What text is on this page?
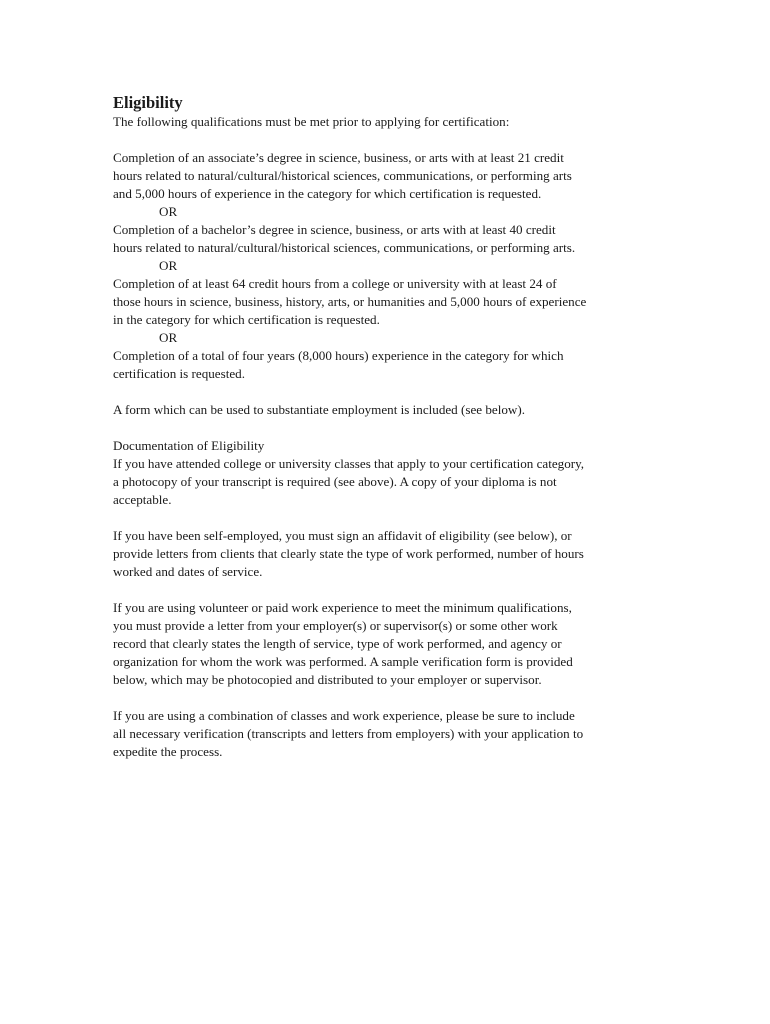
Eligibility

The following qualifications must be met prior to applying for certification:

Completion of an associate’s degree in science, business, or arts with at least 21 credit
hours related to natural/cultural/historical sciences, communications, or performing arts
and 5,000 hours of experience in the category for which certification is requested.
OR
Completion of a bachelor’s degree in science, business, or arts with at least 40 credit
hours related to natural/cultural/historical sciences, communications, or performing arts.
OR
Completion of at least 64 credit hours from a college or university with at least 24 of
those hours in science, business, history, arts, or humanities and 5,000 hours of experience
in the category for which certification is requested.
OR
Completion of a total of four years (8,000 hours) experience in the category for which
certification is requested.

A form which can be used to substantiate employment is included (see below).

Documentation of Eligibility

If you have attended college or university classes that apply to your certification category,
a photocopy of your transcript is required (see above). A copy of your diploma is not
acceptable.
If you have been self-employed, you must sign an affidavit of eligibility (see below), or
provide letters from clients that clearly state the type of work performed, number of hours
worked and dates of service.
If you are using volunteer or paid work experience to meet the minimum qualifications,
you must provide a letter from your employer(s) or supervisor(s) or some other work
record that clearly states the length of service, type of work performed, and agency or
organization for whom the work was performed. A sample verification form is provided
below, which may be photocopied and distributed to your employer or supervisor.
If you are using a combination of classes and work experience, please be sure to include
all necessary verification (transcripts and letters from employers) with your application to
expedite the process.
